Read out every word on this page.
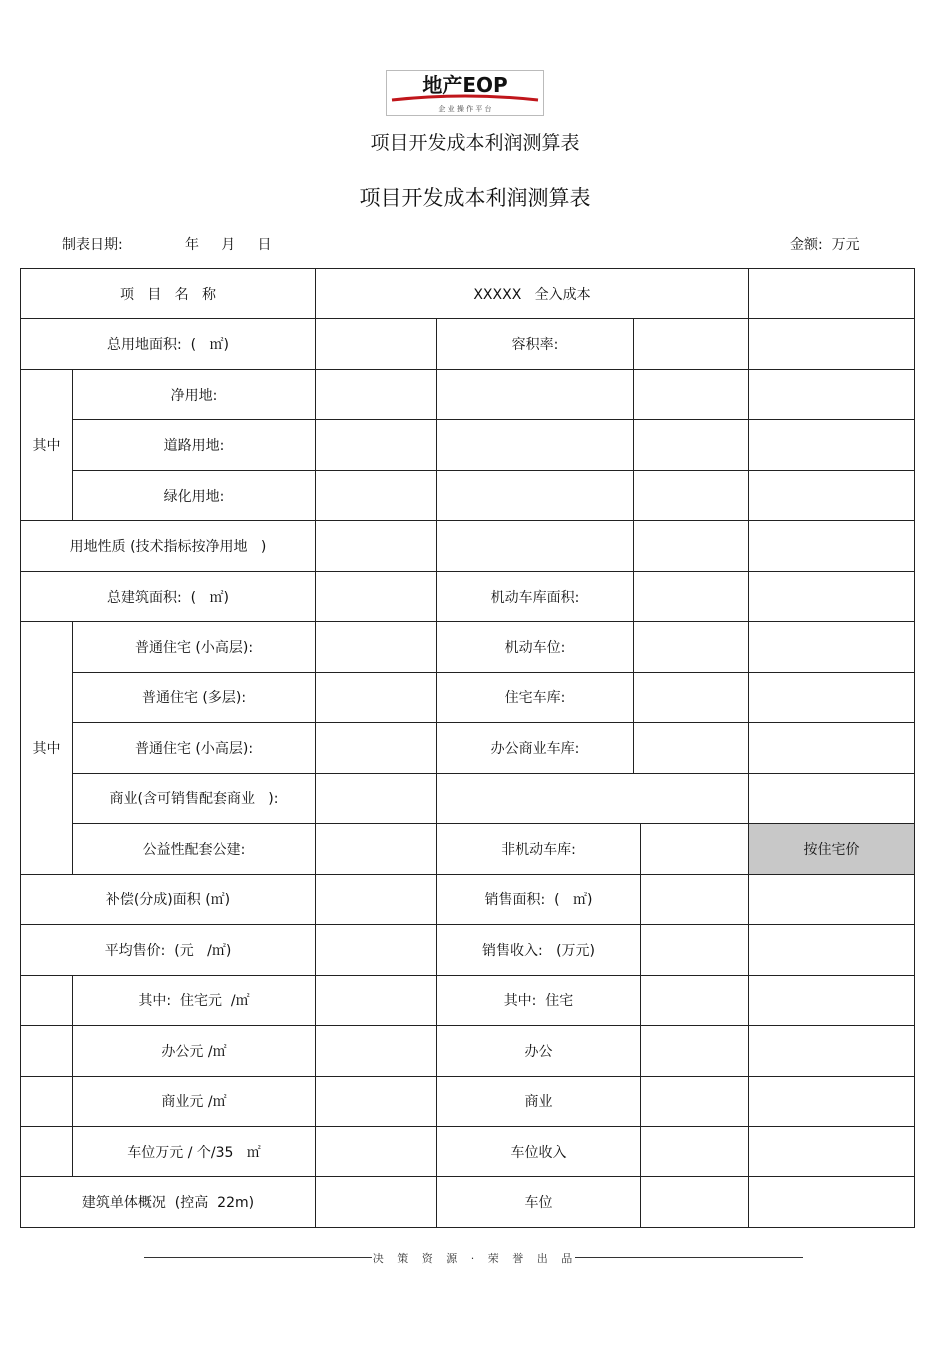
地产EOP
企 业 操 作 平 台
项目开发成本利润测算表
项目开发成本利润测算表
制表日期:	年     月     日	金额:  万元
项   目   名   称		XXXXX   全入成本				
总用地面积:  (   ㎡)			容积率:			
其中	净用地:					
	道路用地:					
	绿化用地:					
用地性质 (技术指标按净用地   )						
总建筑面积:  (   ㎡)			机动车库面积:			
其中	普通住宅 (小高层):		机动车位:			
	普通住宅 (多层):		住宅车库:			
	普通住宅 (小高层):		办公商业车库:			
	商业(含可销售配套商业   ):					
	公益性配套公建:		非机动车库:			按住宅价
补偿(分成)面积 (㎡)			销售面积:  (   ㎡)			
平均售价:  (元   /㎡)			销售收入:   (万元)			
	其中:  住宅元  /㎡		其中:  住宅			
	办公元 /㎡		办公			
	商业元 /㎡		商业			
	车位万元 / 个/35   ㎡		车位收入			
建筑单体概况  (控高  22m)			车位			
决 策 资 源 · 荣 誉 出 品
